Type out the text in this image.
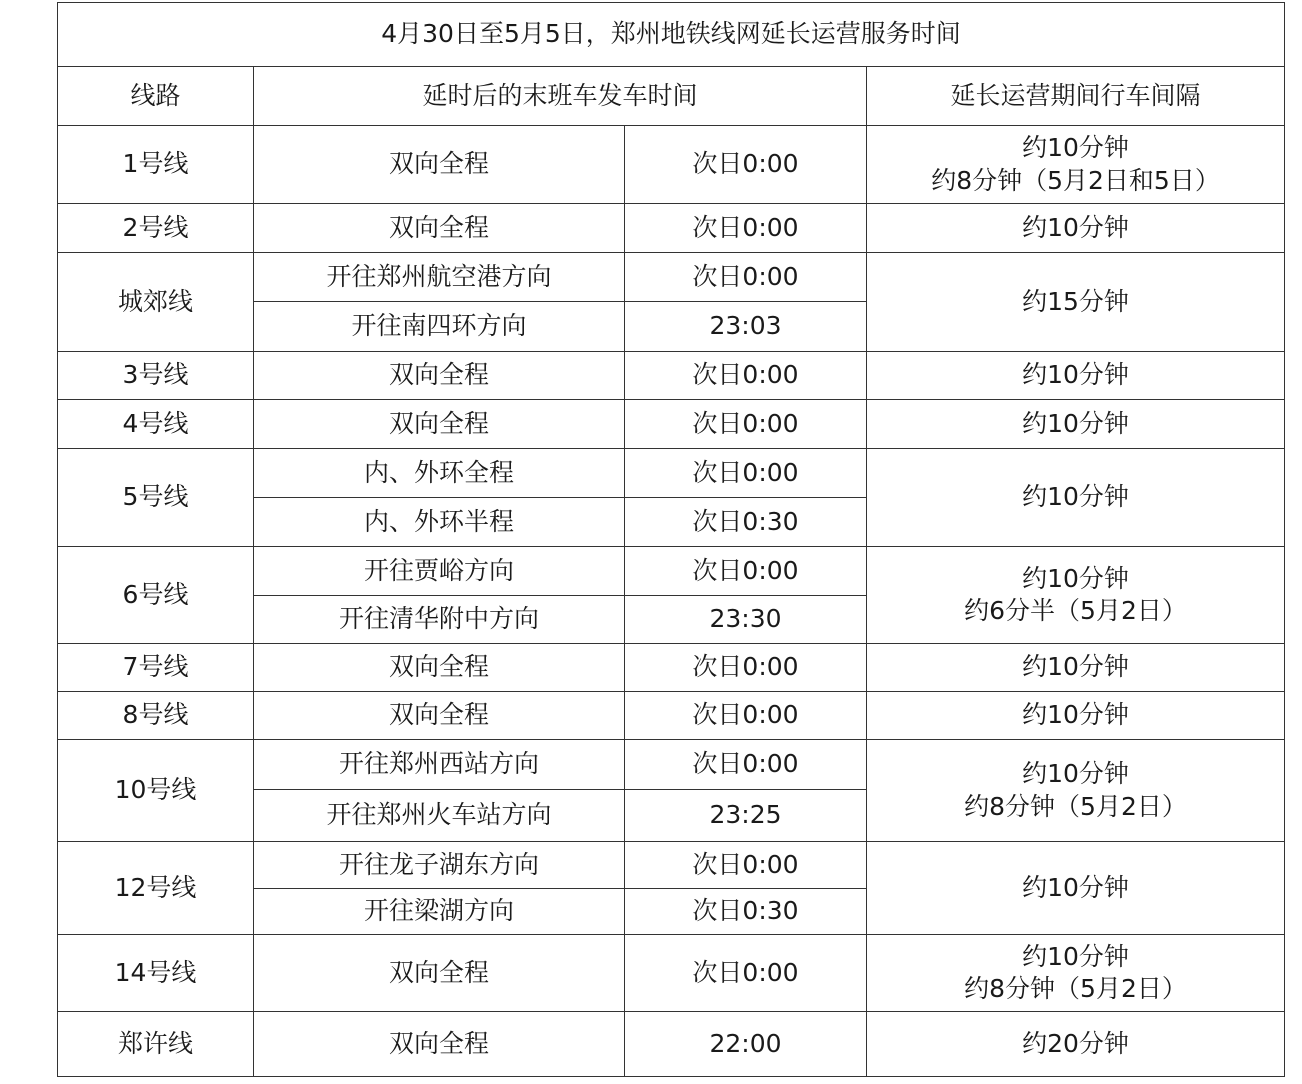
4月30日至5月5日，郑州地铁线网延长运营服务时间			
线路	延时后的末班车发车时间		延长运营期间行车间隔
1号线	双向全程	次日0:00	约10分钟
约8分钟（5月2日和5日）

2号线	双向全程	次日0:00	约10分钟

城郊线	开往郑州航空港方向	次日0:00	约15分钟

	开往南四环方向	23:03	
3号线	双向全程	次日0:00	约10分钟

4号线	双向全程	次日0:00	约10分钟

5号线	内、外环全程	次日0:00	约10分钟

	内、外环半程	次日0:30	
6号线	开往贾峪方向	次日0:00	约10分钟
约6分半（5月2日）

	开往清华附中方向	23:30	
7号线	双向全程	次日0:00	约10分钟

8号线	双向全程	次日0:00	约10分钟

10号线	开往郑州西站方向	次日0:00	约10分钟
约8分钟（5月2日）

	开往郑州火车站方向	23:25	
12号线	开往龙子湖东方向	次日0:00	约10分钟

	开往梁湖方向	次日0:30	
14号线	双向全程	次日0:00	约10分钟
约8分钟（5月2日）

郑许线	双向全程	22:00	约20分钟
